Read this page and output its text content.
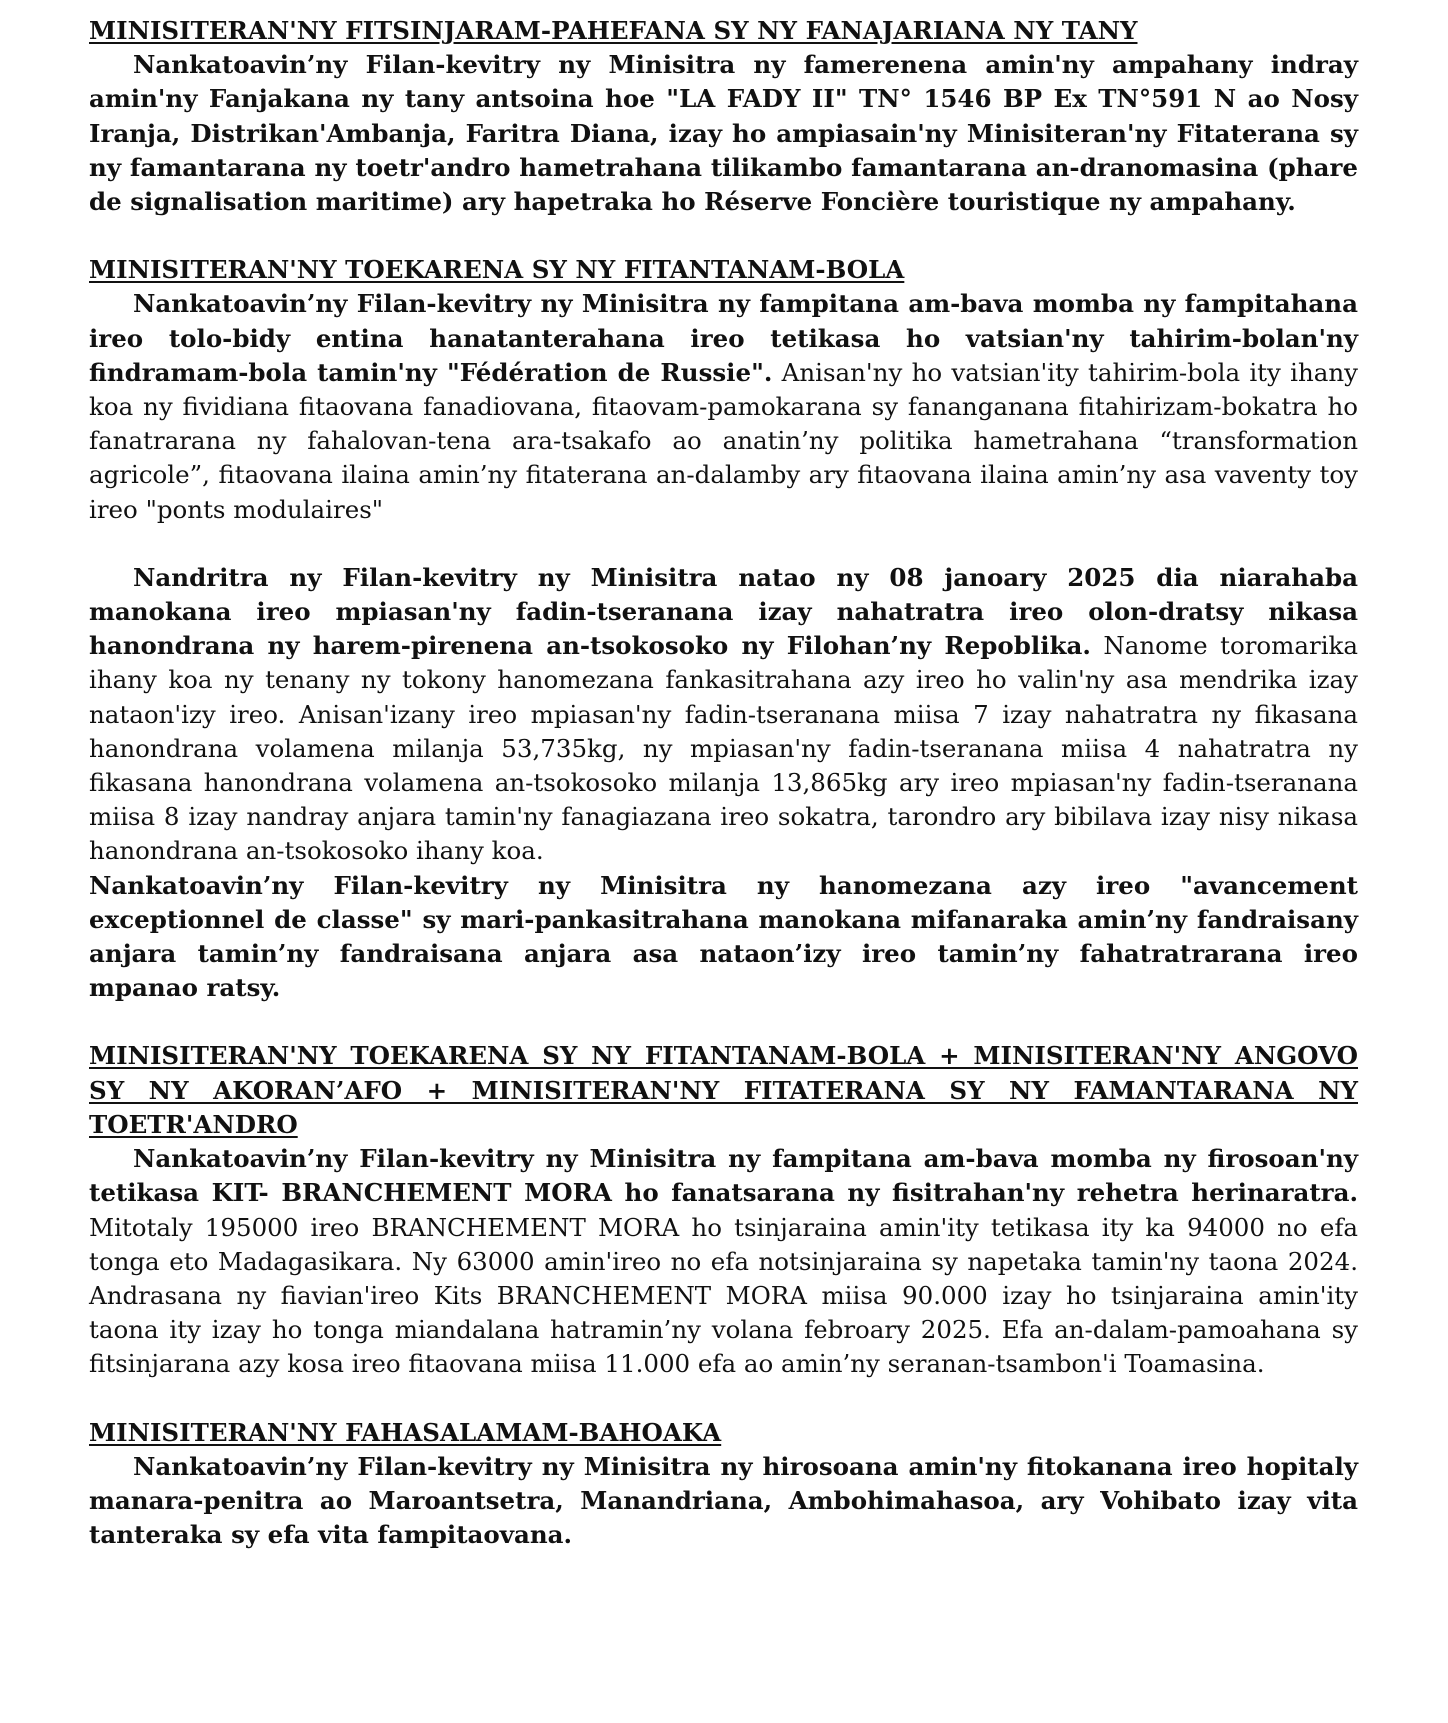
MINISITERAN'NY FITSINJARAM-PAHEFANA SY NY FANAJARIANA NY TANY

Nankatoavin’ny Filan-kevitry ny Minisitra ny famerenena amin'ny ampahany indray amin'ny Fanjakana ny tany antsoina hoe "LA FADY II" TN° 1546 BP Ex TN°591 N ao Nosy Iranja, Distrikan'Ambanja, Faritra Diana, izay ho ampiasain'ny Minisiteran'ny Fitaterana sy ny famantarana ny toetr'andro hametrahana tilikambo famantarana an-dranomasina (phare de signalisation maritime) ary hapetraka ho Réserve Foncière touristique ny ampahany.

MINISITERAN'NY TOEKARENA SY NY FITANTANAM-BOLA

Nankatoavin’ny Filan-kevitry ny Minisitra ny fampitana am-bava momba ny fampitahana ireo tolo-bidy entina hanatanterahana ireo tetikasa ho vatsian'ny tahirim-bolan'ny findramam-bola tamin'ny "Fédération de Russie". Anisan'ny ho vatsian'ity tahirim-bola ity ihany koa ny fividiana fitaovana fanadiovana, fitaovam-pamokarana sy fananganana fitahirizam-bokatra ho fanatrarana ny fahalovan-tena ara-tsakafo ao anatin’ny politika hametrahana “transformation agricole”, fitaovana ilaina amin’ny fitaterana an-dalamby ary fitaovana ilaina amin’ny asa vaventy toy ireo "ponts modulaires"

Nandritra ny Filan-kevitry ny Minisitra natao ny 08 janoary 2025 dia niarahaba manokana ireo mpiasan'ny fadin-tseranana izay nahatratra ireo olon-dratsy nikasa hanondrana ny harem-pirenena an-tsokosoko ny Filohan’ny Repoblika. Nanome toromarika ihany koa ny tenany ny tokony hanomezana fankasitrahana azy ireo ho valin'ny asa mendrika izay nataon'izy ireo. Anisan'izany ireo mpiasan'ny fadin-tseranana miisa 7 izay nahatratra ny fikasana hanondrana volamena milanja 53,735kg, ny mpiasan'ny fadin-tseranana miisa 4 nahatratra ny fikasana hanondrana volamena an-tsokosoko milanja 13,865kg ary ireo mpiasan'ny fadin-tseranana miisa 8 izay nandray anjara tamin'ny fanagiazana ireo sokatra, tarondro ary bibilava izay nisy nikasa hanondrana an-tsokosoko ihany koa.

Nankatoavin’ny Filan-kevitry ny Minisitra ny hanomezana azy ireo "avancement exceptionnel de classe" sy mari-pankasitrahana manokana mifanaraka amin’ny fandraisany anjara tamin’ny fandraisana anjara asa nataon’izy ireo tamin’ny fahatratrarana ireo mpanao ratsy.

MINISITERAN'NY TOEKARENA SY NY FITANTANAM-BOLA + MINISITERAN'NY ANGOVO SY NY AKORAN’AFO + MINISITERAN'NY FITATERANA SY NY FAMANTARANA NY TOETR'ANDRO

Nankatoavin’ny Filan-kevitry ny Minisitra ny fampitana am-bava momba ny firosoan'ny tetikasa KIT- BRANCHEMENT MORA ho fanatsarana ny fisitrahan'ny rehetra herinaratra. Mitotaly 195000 ireo BRANCHEMENT MORA ho tsinjaraina amin'ity tetikasa ity ka 94000 no efa tonga eto Madagasikara. Ny 63000 amin'ireo no efa notsinjaraina sy napetaka tamin'ny taona 2024. Andrasana ny fiavian'ireo Kits BRANCHEMENT MORA miisa 90.000 izay ho tsinjaraina amin'ity taona ity izay ho tonga miandalana hatramin’ny volana febroary 2025. Efa an-dalam-pamoahana sy fitsinjarana azy kosa ireo fitaovana miisa 11.000 efa ao amin’ny seranan-tsambon'i Toamasina.

MINISITERAN'NY FAHASALAMAM-BAHOAKA

Nankatoavin’ny Filan-kevitry ny Minisitra ny hirosoana amin'ny fitokanana ireo hopitaly manara-penitra ao Maroantsetra, Manandriana, Ambohimahasoa, ary Vohibato izay vita tanteraka sy efa vita fampitaovana.
